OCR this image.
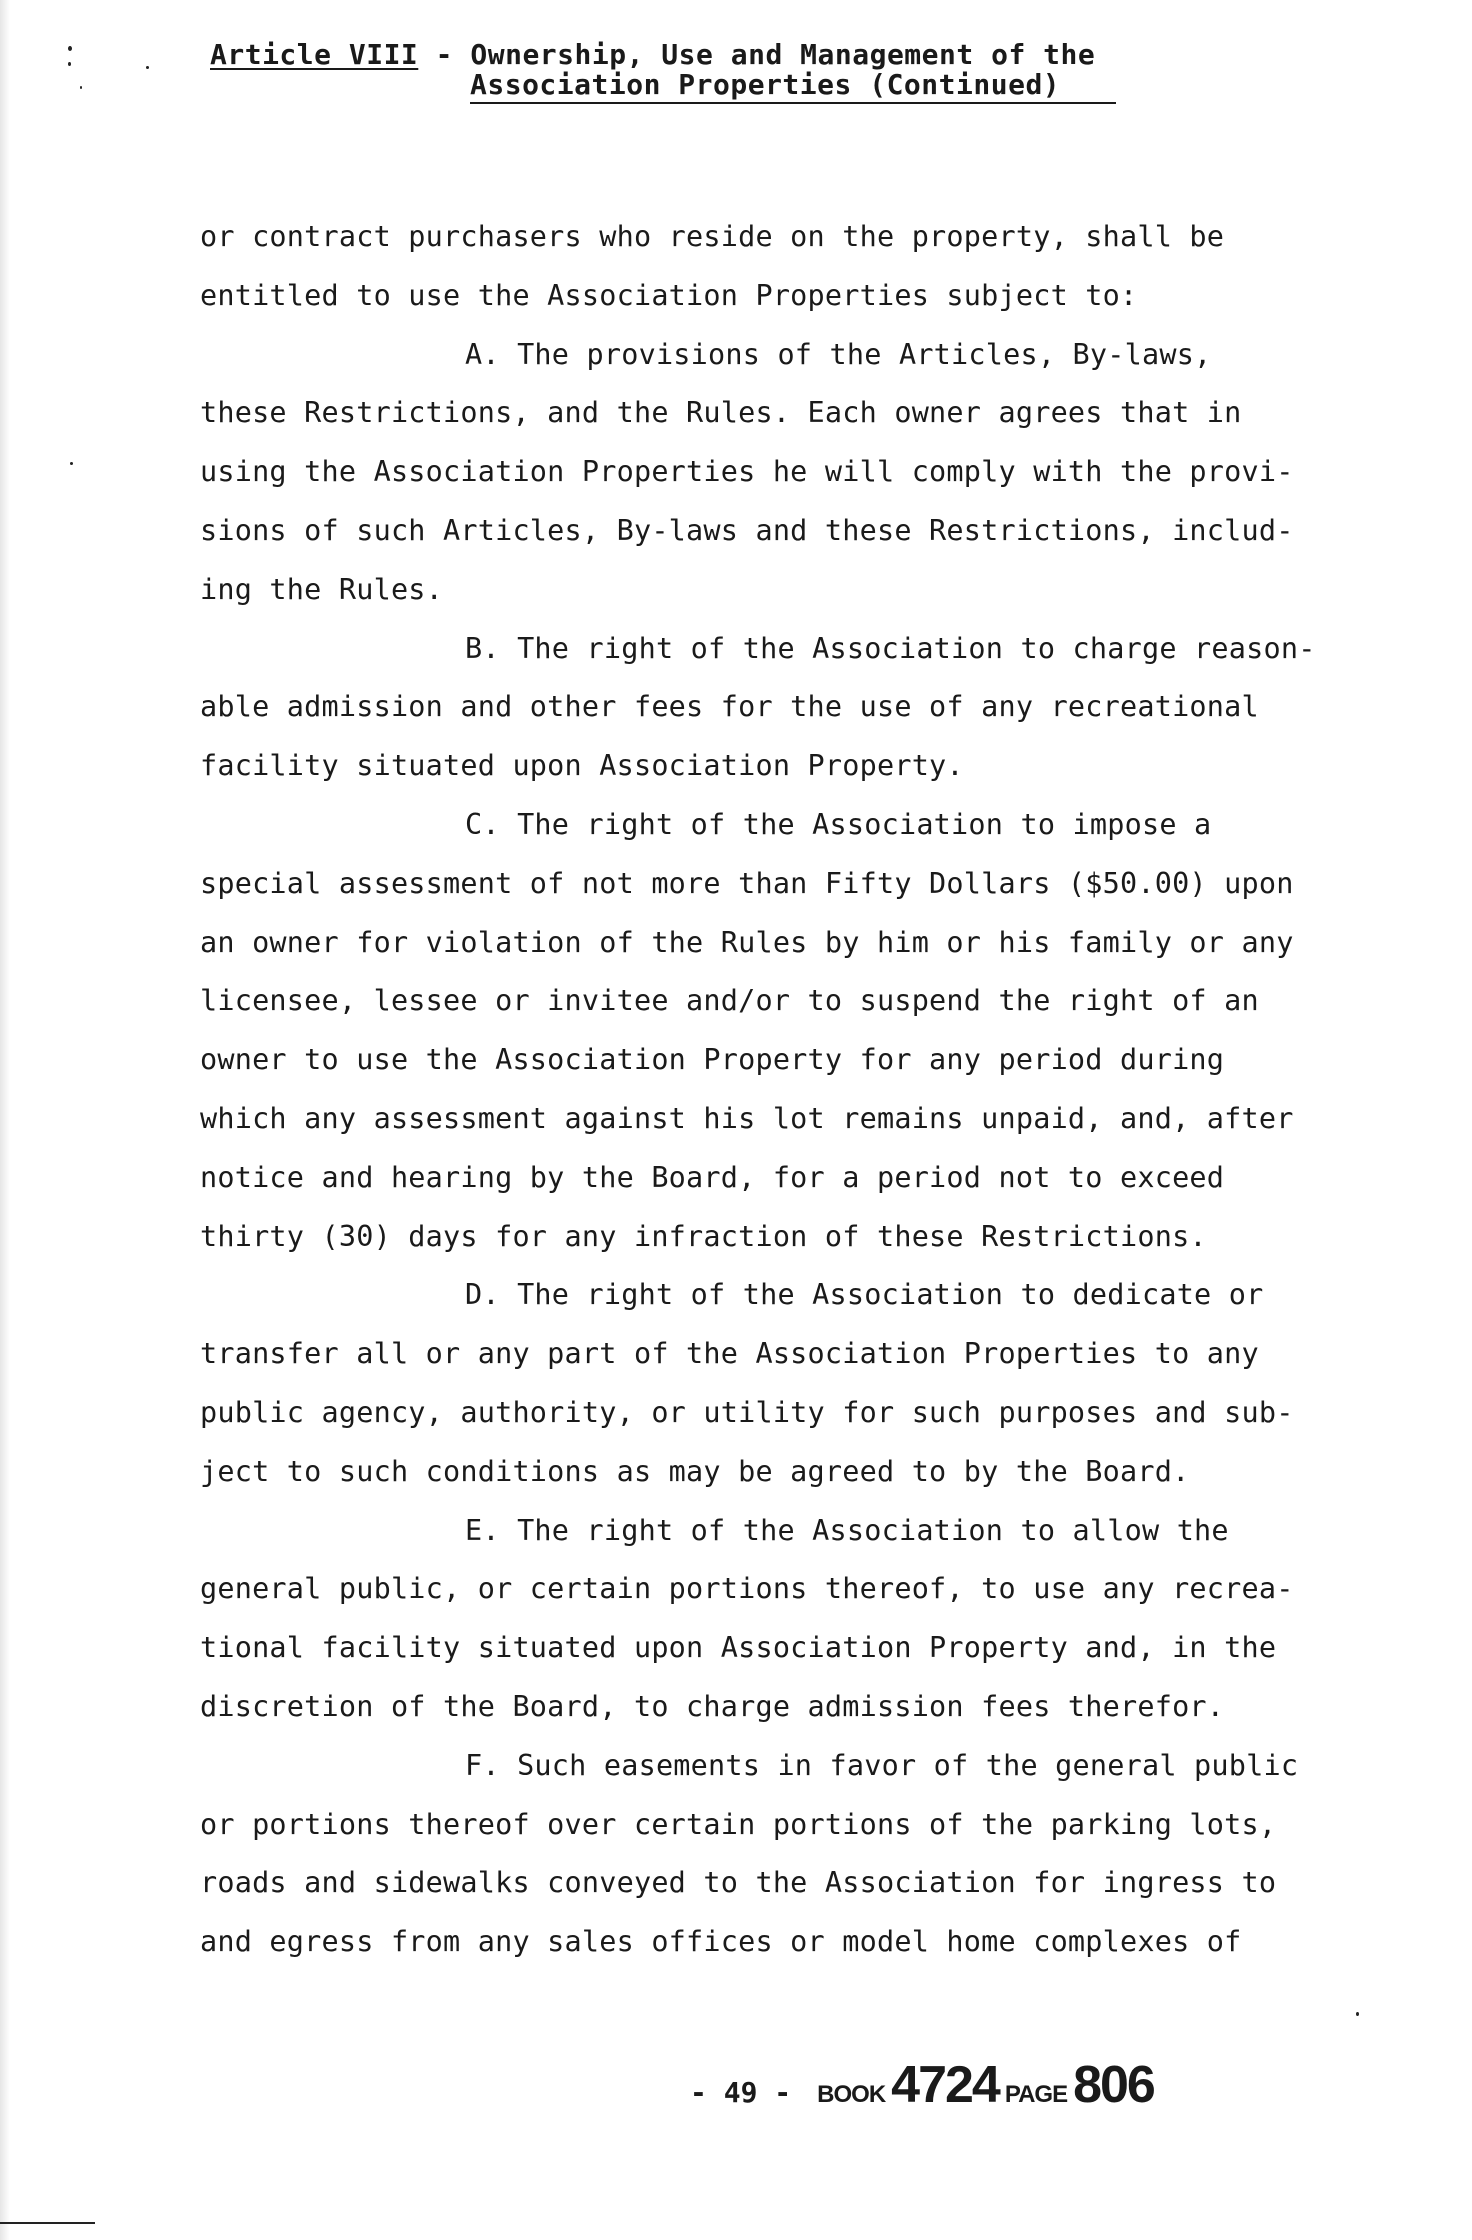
Article VIII - Ownership, Use and Management of the
Association Properties (Continued)
or contract purchasers who reside on the property, shall be
entitled to use the Association Properties subject to:
A. The provisions of the Articles, By-laws,
these Restrictions, and the Rules. Each owner agrees that in
using the Association Properties he will comply with the provi-
sions of such Articles, By-laws and these Restrictions, includ-
ing the Rules.
B. The right of the Association to charge reason-
able admission and other fees for the use of any recreational
facility situated upon Association Property.
C. The right of the Association to impose a
special assessment of not more than Fifty Dollars ($50.00) upon
an owner for violation of the Rules by him or his family or any
licensee, lessee or invitee and/or to suspend the right of an
owner to use the Association Property for any period during
which any assessment against his lot remains unpaid, and, after
notice and hearing by the Board, for a period not to exceed
thirty (30) days for any infraction of these Restrictions.
D. The right of the Association to dedicate or
transfer all or any part of the Association Properties to any
public agency, authority, or utility for such purposes and sub-
ject to such conditions as may be agreed to by the Board.
E. The right of the Association to allow the
general public, or certain portions thereof, to use any recrea-
tional facility situated upon Association Property and, in the
discretion of the Board, to charge admission fees therefor.
F. Such easements in favor of the general public
or portions thereof over certain portions of the parking lots,
roads and sidewalks conveyed to the Association for ingress to
and egress from any sales offices or model home complexes of
- 49 - BOOK 4724 PAGE 806
